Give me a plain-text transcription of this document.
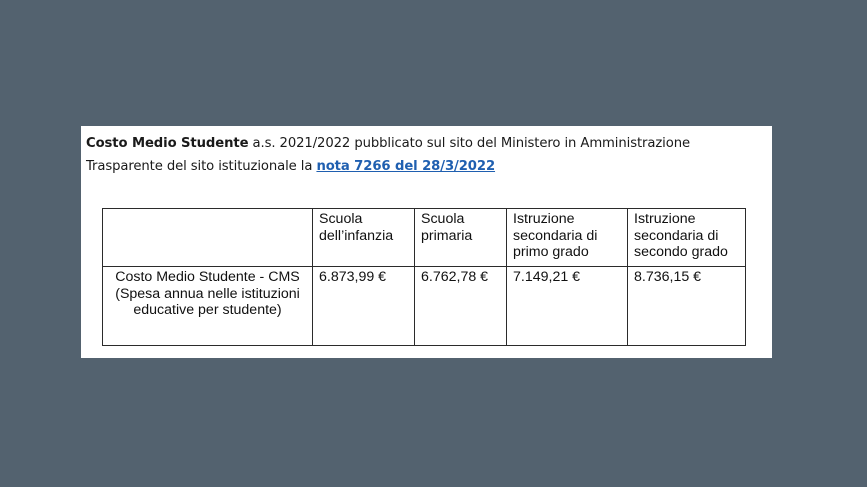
Costo Medio Studente a.s. 2021/2022 pubblicato sul sito del Ministero in Amministrazione Trasparente del sito istituzionale la nota 7266 del 28/3/2022

	Scuola dell’infanzia	Scuola primaria	Istruzione secondaria di primo grado	Istruzione secondaria di secondo grado

Costo Medio Studente - CMS (Spesa annua nelle istituzioni educative per studente)	6.873,99 €	6.762,78 €	7.149,21 €	8.736,15 €
